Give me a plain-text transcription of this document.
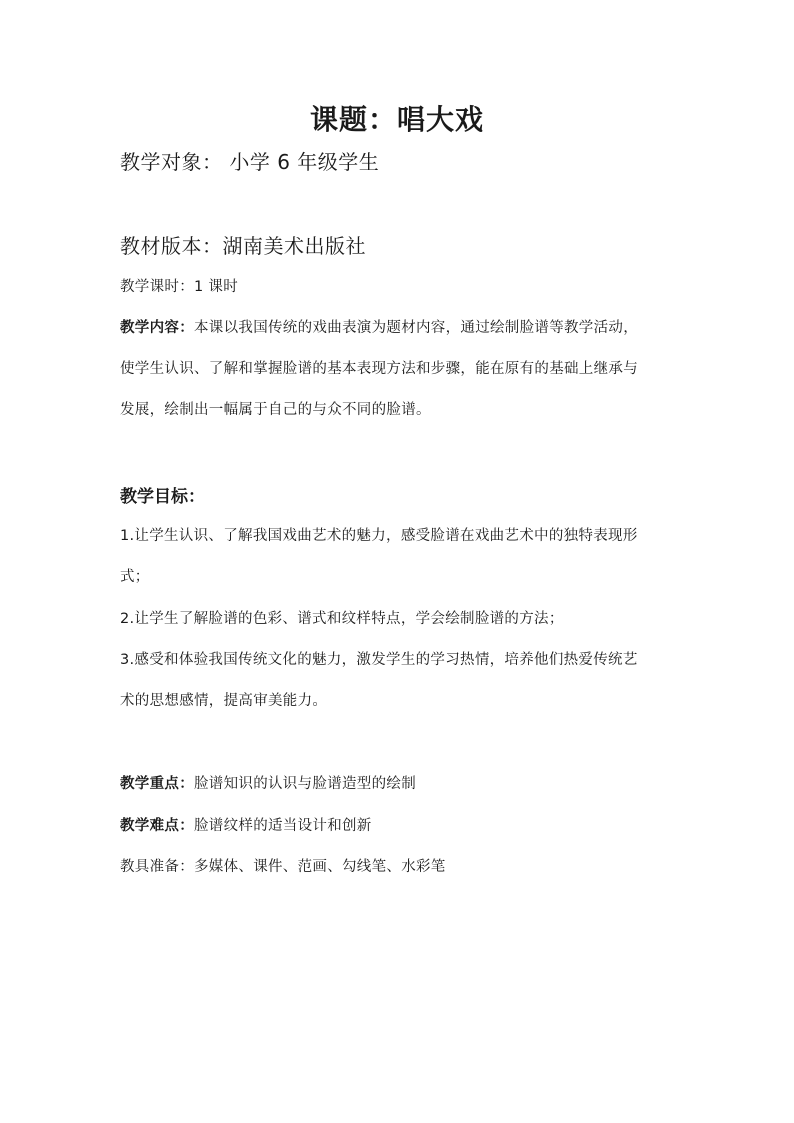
课题：唱大戏
教学对象： 小学 6 年级学生
教材版本：湖南美术出版社
教学课时：1 课时
教学内容：本课以我国传统的戏曲表演为题材内容，通过绘制脸谱等教学活动，
使学生认识、了解和掌握脸谱的基本表现方法和步骤，能在原有的基础上继承与
发展，绘制出一幅属于自己的与众不同的脸谱。
教学目标：
1.让学生认识、了解我国戏曲艺术的魅力，感受脸谱在戏曲艺术中的独特表现形
式；
2.让学生了解脸谱的色彩、谱式和纹样特点，学会绘制脸谱的方法；
3.感受和体验我国传统文化的魅力，激发学生的学习热情，培养他们热爱传统艺
术的思想感情，提高审美能力。
教学重点：脸谱知识的认识与脸谱造型的绘制
教学难点：脸谱纹样的适当设计和创新
教具准备：多媒体、课件、范画、勾线笔、水彩笔
